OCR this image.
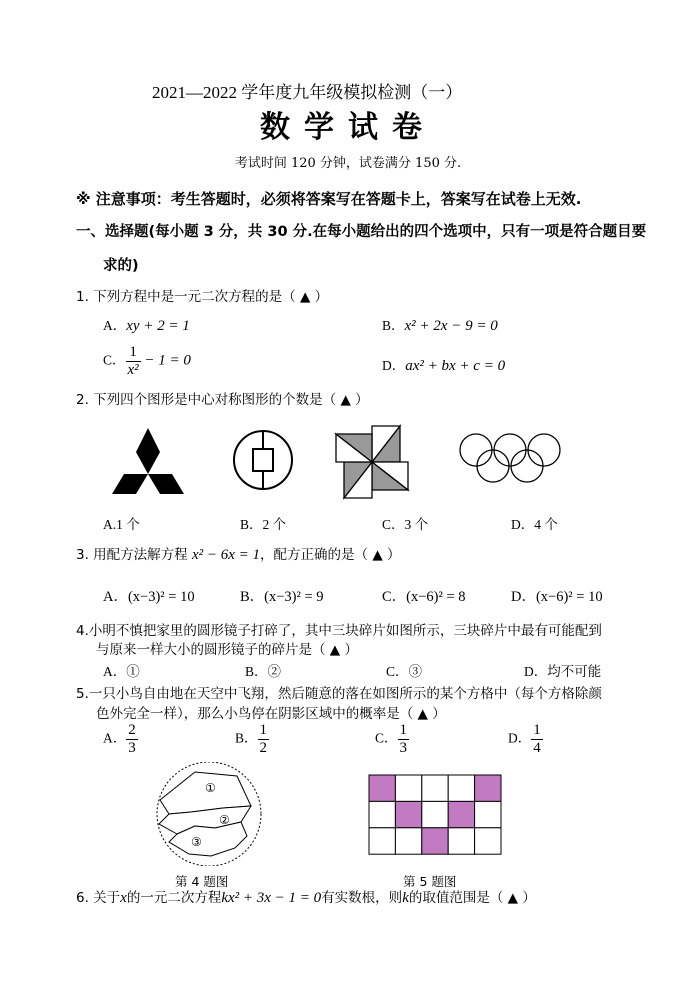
2021—2022 学年度九年级模拟检测（一）
数学试卷
考试时间 120 分钟，试卷满分 150 分.
※ 注意事项：考生答题时，必须将答案写在答题卡上，答案写在试卷上无效.
一、选择题(每小题 3 分，共 30 分.在每小题给出的四个选项中，只有一项是符合题目要
求的)
1. 下列方程中是一元二次方程的是（ ▲ ）
A．xy + 2 = 1	B．x² + 2x − 9 = 0
C． $\frac{1}{\text{x²}} - 1 = 0$	D．ax² + bx + c = 0
2. 下列四个图形是中心对称图形的个数是（ ▲ ）
A.1 个	B．2 个	C．3 个	D．4 个
3. 用配方法解方程 x² − 6x = 1，配方正确的是（ ▲ ）
A．(x−3)² = 10	B．(x−3)² = 9	C．(x−6)² = 8	D．(x−6)² = 10
4.小明不慎把家里的圆形镜子打碎了，其中三块碎片如图所示，三块碎片中最有可能配到
与原来一样大小的圆形镜子的碎片是（ ▲ ）
A．①	B．②	C．③	D．均不可能
5.一只小鸟自由地在天空中飞翔，然后随意的落在如图所示的某个方格中（每个方格除颜
色外完全一样），那么小鸟停在阴影区域中的概率是（ ▲ ）
A． $\frac{2}{3}$	B． $\frac{1}{2}$	C． $\frac{1}{3}$	D． $\frac{1}{4}$
①
②
③
第 4 题图	第 5 题图
6. 关于x的一元二次方程kx² + 3x − 1 = 0有实数根，则k的取值范围是（ ▲ ）
